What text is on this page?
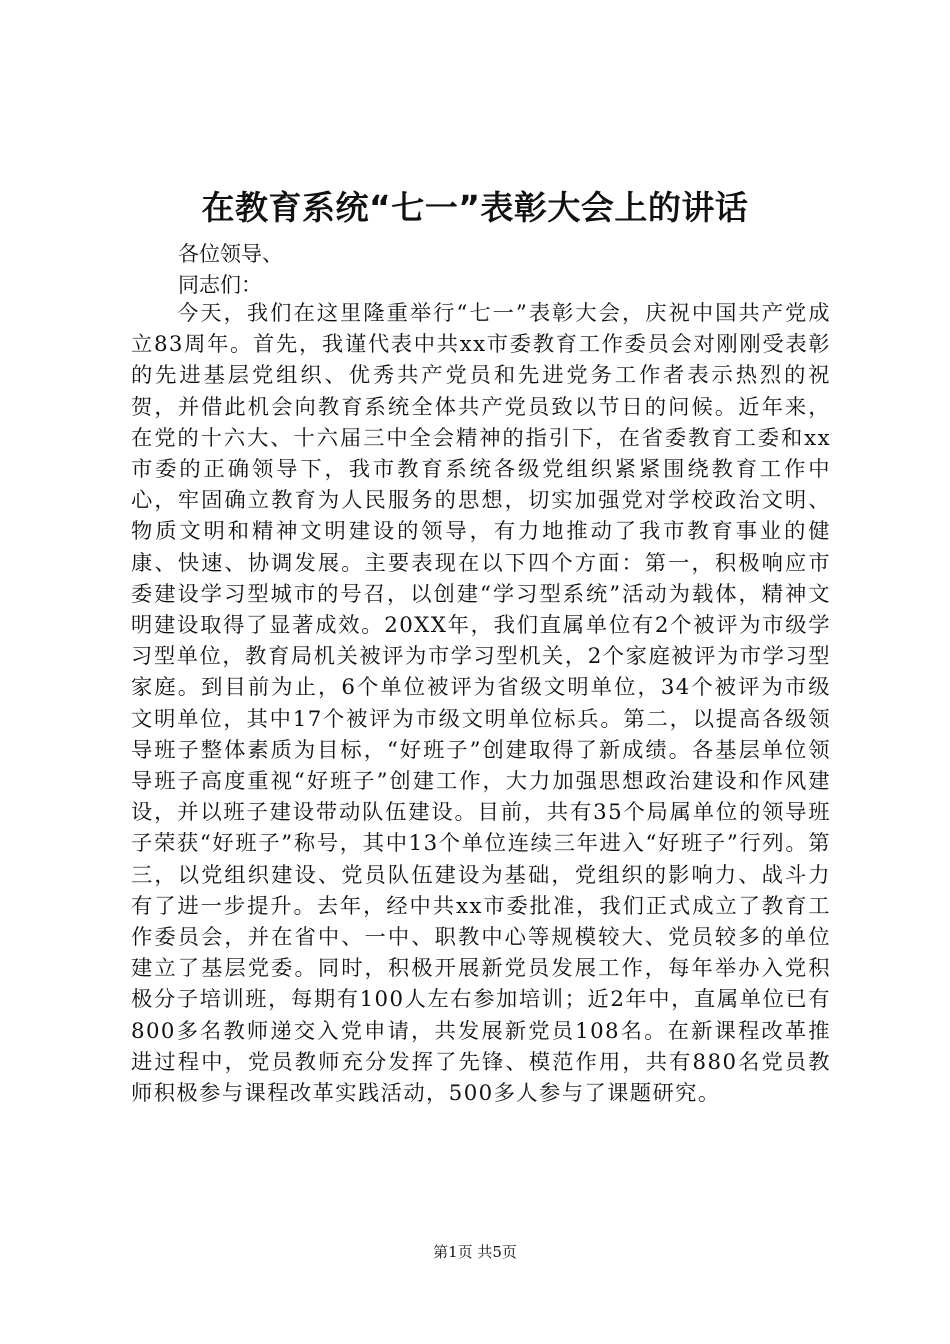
在教育系统“七一”表彰大会上的讲话

各位领导、

同志们：

今天，我们在这里隆重举行“七一”表彰大会，庆祝中国共产党成立83周年。首先，我谨代表中共xx市委教育工作委员会对刚刚受表彰的先进基层党组织、优秀共产党员和先进党务工作者表示热烈的祝贺，并借此机会向教育系统全体共产党员致以节日的问候。近年来，在党的十六大、十六届三中全会精神的指引下，在省委教育工委和xx市委的正确领导下，我市教育系统各级党组织紧紧围绕教育工作中心，牢固确立教育为人民服务的思想，切实加强党对学校政治文明、物质文明和精神文明建设的领导，有力地推动了我市教育事业的健康、快速、协调发展。主要表现在以下四个方面：第一，积极响应市委建设学习型城市的号召，以创建“学习型系统”活动为载体，精神文明建设取得了显著成效。20XX年，我们直属单位有2个被评为市级学习型单位，教育局机关被评为市学习型机关，2个家庭被评为市学习型家庭。到目前为止，6个单位被评为省级文明单位，34个被评为市级文明单位，其中17个被评为市级文明单位标兵。第二，以提高各级领导班子整体素质为目标，“好班子”创建取得了新成绩。各基层单位领导班子高度重视“好班子”创建工作，大力加强思想政治建设和作风建设，并以班子建设带动队伍建设。目前，共有35个局属单位的领导班子荣获“好班子”称号，其中13个单位连续三年进入“好班子”行列。第三，以党组织建设、党员队伍建设为基础，党组织的影响力、战斗力有了进一步提升。去年，经中共xx市委批准，我们正式成立了教育工作委员会，并在省中、一中、职教中心等规模较大、党员较多的单位建立了基层党委。同时，积极开展新党员发展工作，每年举办入党积极分子培训班，每期有100人左右参加培训；近2年中，直属单位已有800多名教师递交入党申请，共发展新党员108名。在新课程改革推进过程中，党员教师充分发挥了先锋、模范作用，共有880名党员教师积极参与课程改革实践活动，500多人参与了课题研究。

第1页 共5页
